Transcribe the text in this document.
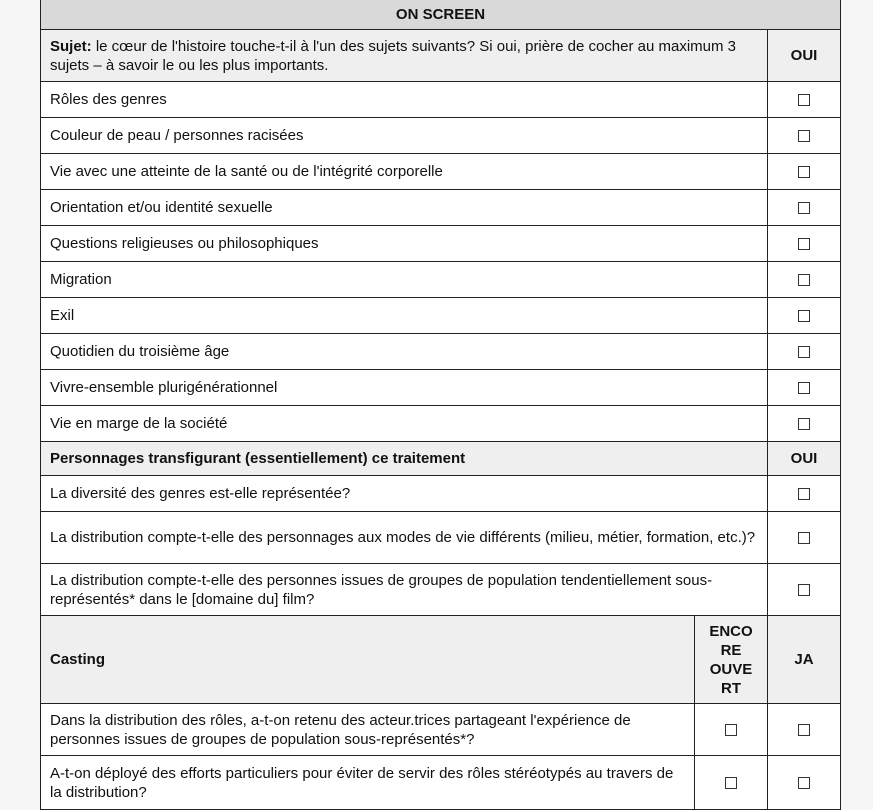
ON SCREEN		
Sujet: le cœur de l'histoire touche-t-il à l'un des sujets suivants? Si oui, prière de cocher au maximum 3 sujets – à savoir le ou les plus importants.		OUI
Rôles des genres		
Couleur de peau / personnes racisées		
Vie avec une atteinte de la santé ou de l'intégrité corporelle		
Orientation et/ou identité sexuelle		
Questions religieuses ou philosophiques		
Migration		
Exil		
Quotidien du troisième âge		
Vivre-ensemble plurigénérationnel		
Vie en marge de la société		
Personnages transfigurant (essentiellement) ce traitement		OUI
La diversité des genres est-elle représentée?		
La distribution compte-t-elle des personnages aux modes de vie différents (milieu, métier, formation, etc.)?		
La distribution compte-t-elle des personnes issues de groupes de population tendentiellement sous-représentés* dans le [domaine du] film?		
Casting	ENCO RE OUVE RT	JA
Dans la distribution des rôles, a-t-on retenu des acteur.trices partageant l'expérience de personnes issues de groupes de population sous-représentés*?		
A-t-on déployé des efforts particuliers pour éviter de servir des rôles stéréotypés au travers de la distribution?		
